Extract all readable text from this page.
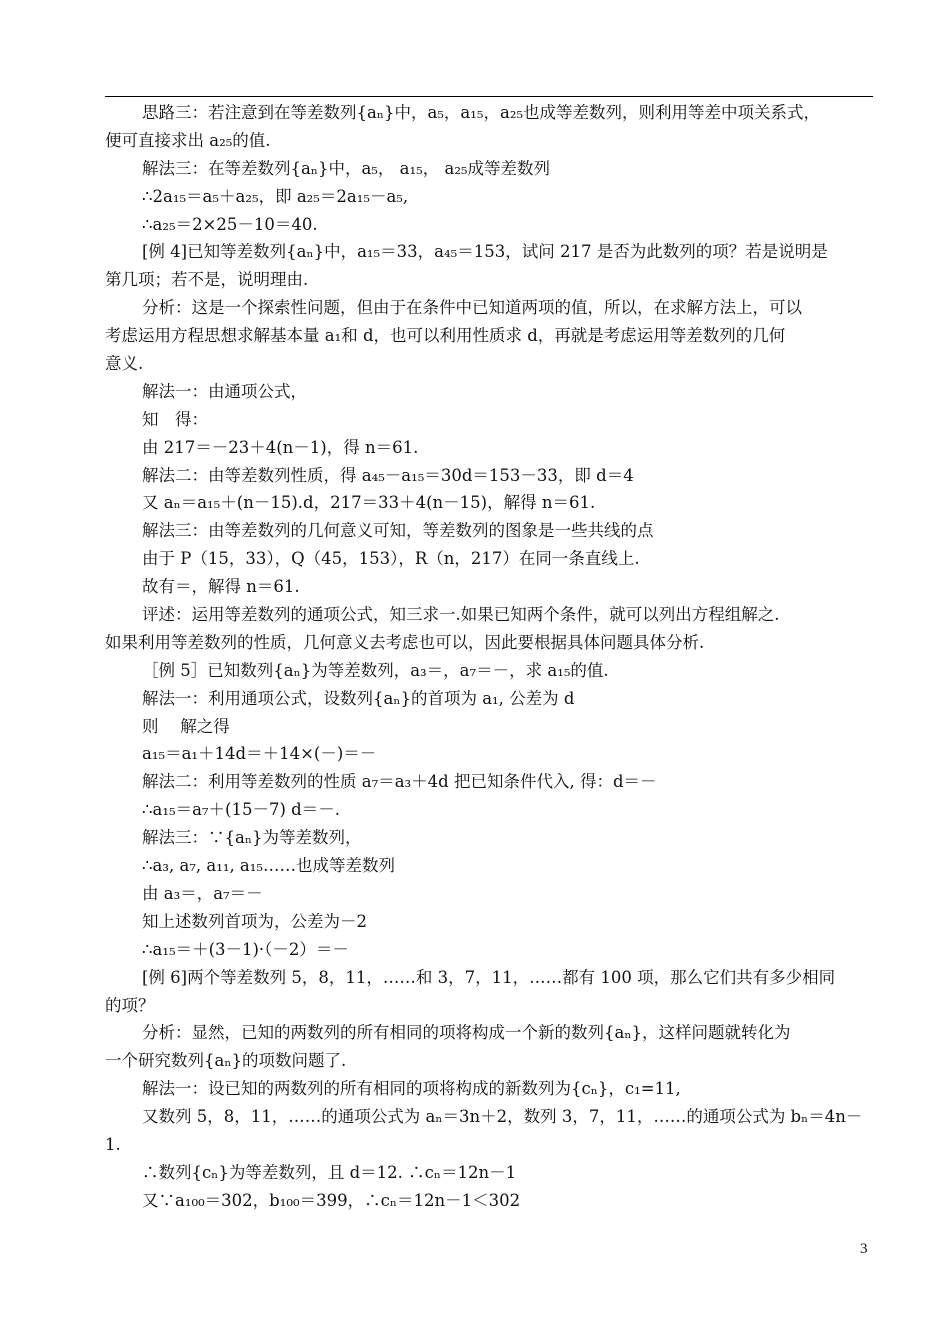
思路三：若注意到在等差数列{aₙ}中，a₅，a₁₅，a₂₅也成等差数列，则利用等差中项关系式，
便可直接求出 a₂₅的值.
解法三：在等差数列{aₙ}中，a₅， a₁₅， a₂₅成等差数列
∴2a₁₅＝a₅＋a₂₅，即 a₂₅＝2a₁₅－a₅,
∴a₂₅＝2×25－10＝40.
[例 4]已知等差数列{aₙ}中，a₁₅＝33，a₄₅＝153，试问 217 是否为此数列的项？若是说明是
第几项；若不是，说明理由.
分析：这是一个探索性问题，但由于在条件中已知道两项的值，所以，在求解方法上，可以
考虑运用方程思想求解基本量 a₁和 d，也可以利用性质求 d，再就是考虑运用等差数列的几何
意义.
解法一：由通项公式，
知　得：
由 217＝－23＋4(n－1)，得 n＝61.
解法二：由等差数列性质，得 a₄₅－a₁₅＝30d＝153－33，即 d＝4
又 aₙ＝a₁₅＋(n－15).d，217＝33＋4(n－15)，解得 n＝61.
解法三：由等差数列的几何意义可知，等差数列的图象是一些共线的点
由于 P（15，33），Q（45，153），R（n，217）在同一条直线上.
故有＝，解得 n＝61.
评述：运用等差数列的通项公式，知三求一.如果已知两个条件，就可以列出方程组解之.
如果利用等差数列的性质，几何意义去考虑也可以，因此要根据具体问题具体分析.
［例 5］已知数列{aₙ}为等差数列，a₃＝，a₇＝－，求 a₁₅的值.
解法一：利用通项公式，设数列{aₙ}的首项为 a₁, 公差为 d
则　 解之得
a₁₅＝a₁＋14d＝＋14×(－)＝－
解法二：利用等差数列的性质 a₇＝a₃＋4d 把已知条件代入, 得：d＝－
∴a₁₅＝a₇＋(15－7) d＝－.
解法三：∵{aₙ}为等差数列，
∴a₃, a₇, a₁₁, a₁₅……也成等差数列
由 a₃＝，a₇＝－
知上述数列首项为，公差为－2
∴a₁₅＝＋(3－1)·（－2）＝－
[例 6]两个等差数列 5，8，11，……和 3，7，11，……都有 100 项，那么它们共有多少相同
的项？
分析：显然，已知的两数列的所有相同的项将构成一个新的数列{aₙ}，这样问题就转化为
一个研究数列{aₙ}的项数问题了.
解法一：设已知的两数列的所有相同的项将构成的新数列为{cₙ}，c₁=11,
又数列 5，8，11，……的通项公式为 aₙ＝3n＋2，数列 3，7，11，……的通项公式为 bₙ＝4n－
1.
∴数列{cₙ}为等差数列，且 d＝12. ∴cₙ＝12n－1
又∵a₁₀₀＝302，b₁₀₀＝399，∴cₙ＝12n－1＜302
3
